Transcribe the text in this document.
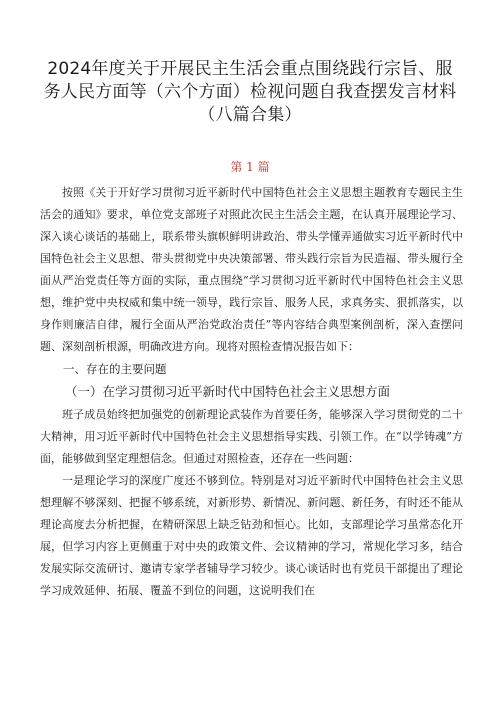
2024年度关于开展民主生活会重点围绕践行宗旨、服务人民方面等（六个方面）检视问题自我查摆发言材料（八篇合集）
第 1 篇

按照《关于开好学习贯彻习近平新时代中国特色社会主义思想主题教育专题民主生活会的通知》要求，单位党支部班子对照此次民主生活会主题，在认真开展理论学习、深入谈心谈话的基础上，联系带头旗帜鲜明讲政治、带头学懂弄通做实习近平新时代中国特色社会主义思想、带头贯彻党中央决策部署、带头践行宗旨为民造福、带头履行全面从严治党责任等方面的实际，重点围绕“学习贯彻习近平新时代中国特色社会主义思想，维护党中央权威和集中统一领导，践行宗旨、服务人民，求真务实、狠抓落实，以身作则廉洁自律，履行全面从严治党政治责任”等内容结合典型案例剖析，深入查摆问题、深刻剖析根源，明确改进方向。现将对照检查情况报告如下：

一、存在的主要问题
（一）在学习贯彻习近平新时代中国特色社会主义思想方面

班子成员始终把加强党的创新理论武装作为首要任务，能够深入学习贯彻党的二十大精神，用习近平新时代中国特色社会主义思想指导实践、引领工作。在“以学铸魂”方面，能够做到坚定理想信念。但通过对照检查，还存在一些问题：

一是理论学习的深度广度还不够到位。特别是对习近平新时代中国特色社会主义思想理解不够深刻、把握不够系统，对新形势、新情况、新问题、新任务，有时还不能从理论高度去分析把握，在精研深思上缺乏钻劲和恒心。比如，支部理论学习虽常态化开展，但学习内容上更侧重于对中央的政策文件、会议精神的学习，常规化学习多，结合发展实际交流研讨、邀请专家学者辅导学习较少。谈心谈话时也有党员干部提出了理论学习成效延伸、拓展、覆盖不到位的问题，这说明我们在
